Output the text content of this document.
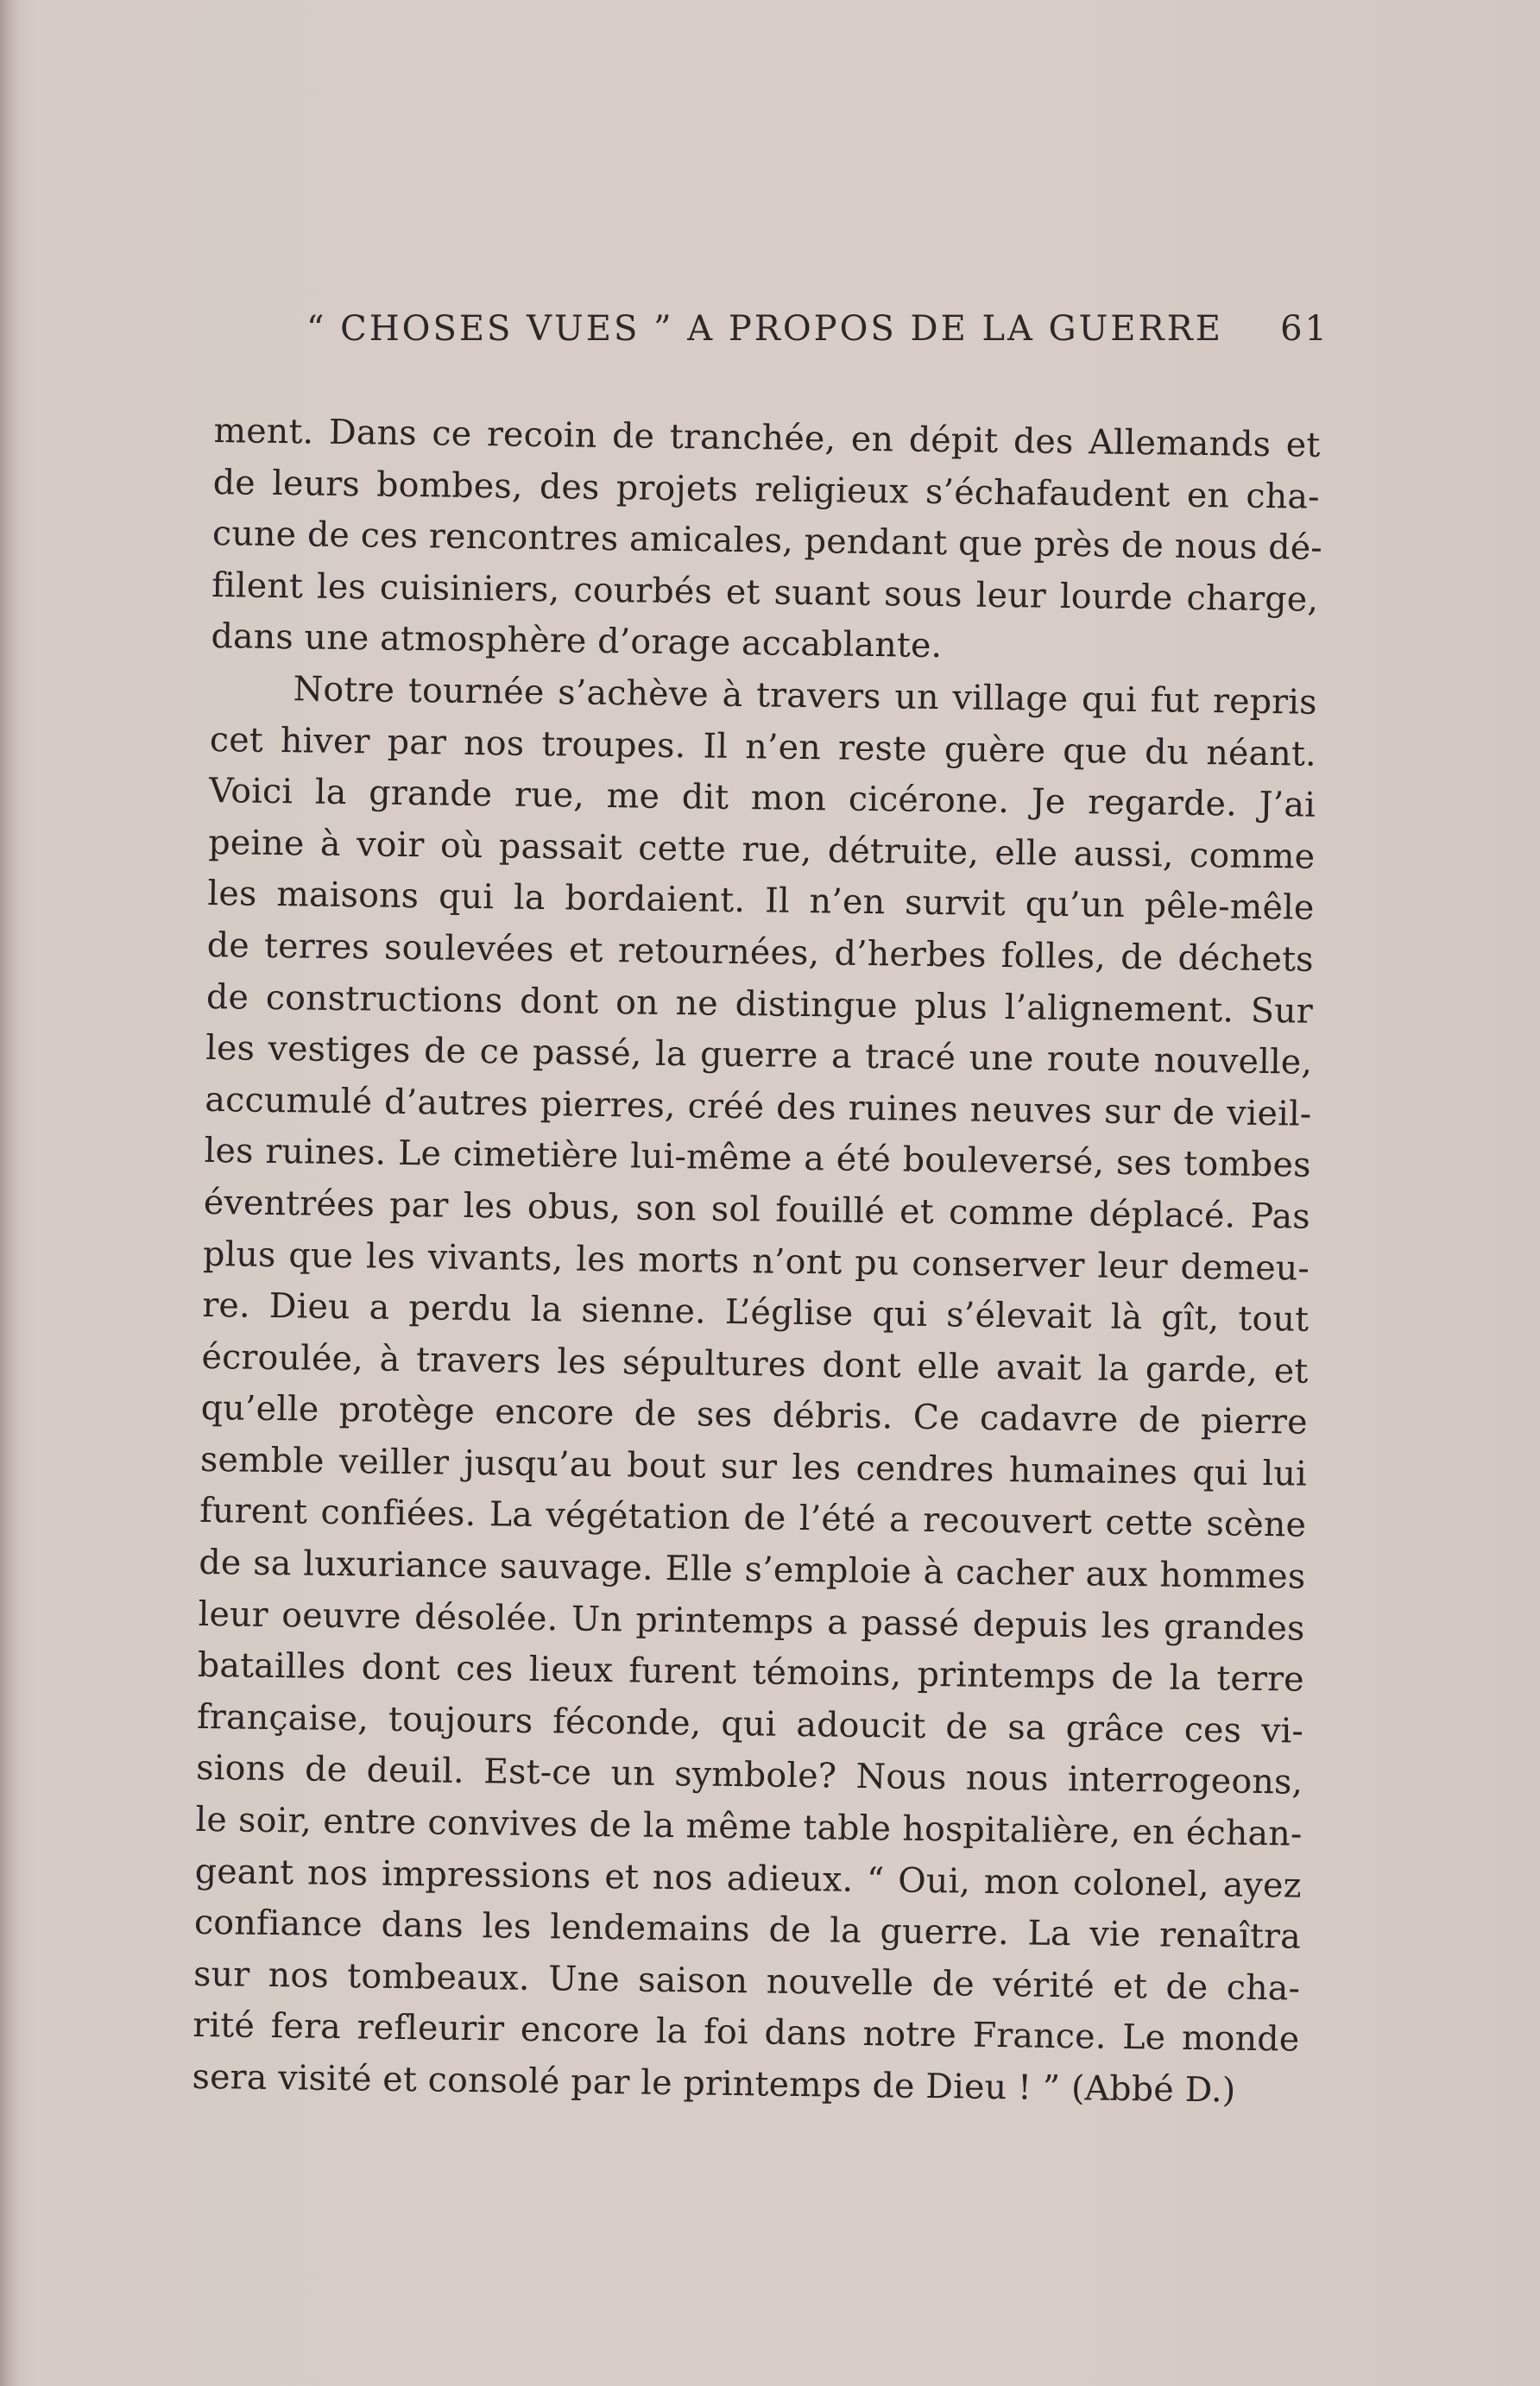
“ CHOSES VUES ” A PROPOS DE LA GUERRE 61
ment. Dans ce recoin de tranchée, en dépit des Allemands et
de leurs bombes, des projets religieux s’échafaudent en cha-
cune de ces rencontres amicales, pendant que près de nous dé-
filent les cuisiniers, courbés et suant sous leur lourde charge,
dans une atmosphère d’orage accablante.
Notre tournée s’achève à travers un village qui fut repris
cet hiver par nos troupes. Il n’en reste guère que du néant.
Voici la grande rue, me dit mon cicérone. Je regarde. J’ai
peine à voir où passait cette rue, détruite, elle aussi, comme
les maisons qui la bordaient. Il n’en survit qu’un pêle-mêle
de terres soulevées et retournées, d’herbes folles, de déchets
de constructions dont on ne distingue plus l’alignement. Sur
les vestiges de ce passé, la guerre a tracé une route nouvelle,
accumulé d’autres pierres, créé des ruines neuves sur de vieil-
les ruines. Le cimetière lui-même a été bouleversé, ses tombes
éventrées par les obus, son sol fouillé et comme déplacé. Pas
plus que les vivants, les morts n’ont pu conserver leur demeu-
re. Dieu a perdu la sienne. L’église qui s’élevait là gît, tout
écroulée, à travers les sépultures dont elle avait la garde, et
qu’elle protège encore de ses débris. Ce cadavre de pierre
semble veiller jusqu’au bout sur les cendres humaines qui lui
furent confiées. La végétation de l’été a recouvert cette scène
de sa luxuriance sauvage. Elle s’emploie à cacher aux hommes
leur oeuvre désolée. Un printemps a passé depuis les grandes
batailles dont ces lieux furent témoins, printemps de la terre
française, toujours féconde, qui adoucit de sa grâce ces vi-
sions de deuil. Est-ce un symbole? Nous nous interrogeons,
le soir, entre convives de la même table hospitalière, en échan-
geant nos impressions et nos adieux. “ Oui, mon colonel, ayez
confiance dans les lendemains de la guerre. La vie renaîtra
sur nos tombeaux. Une saison nouvelle de vérité et de cha-
rité fera refleurir encore la foi dans notre France. Le monde
sera visité et consolé par le printemps de Dieu ! ” (Abbé D.)
